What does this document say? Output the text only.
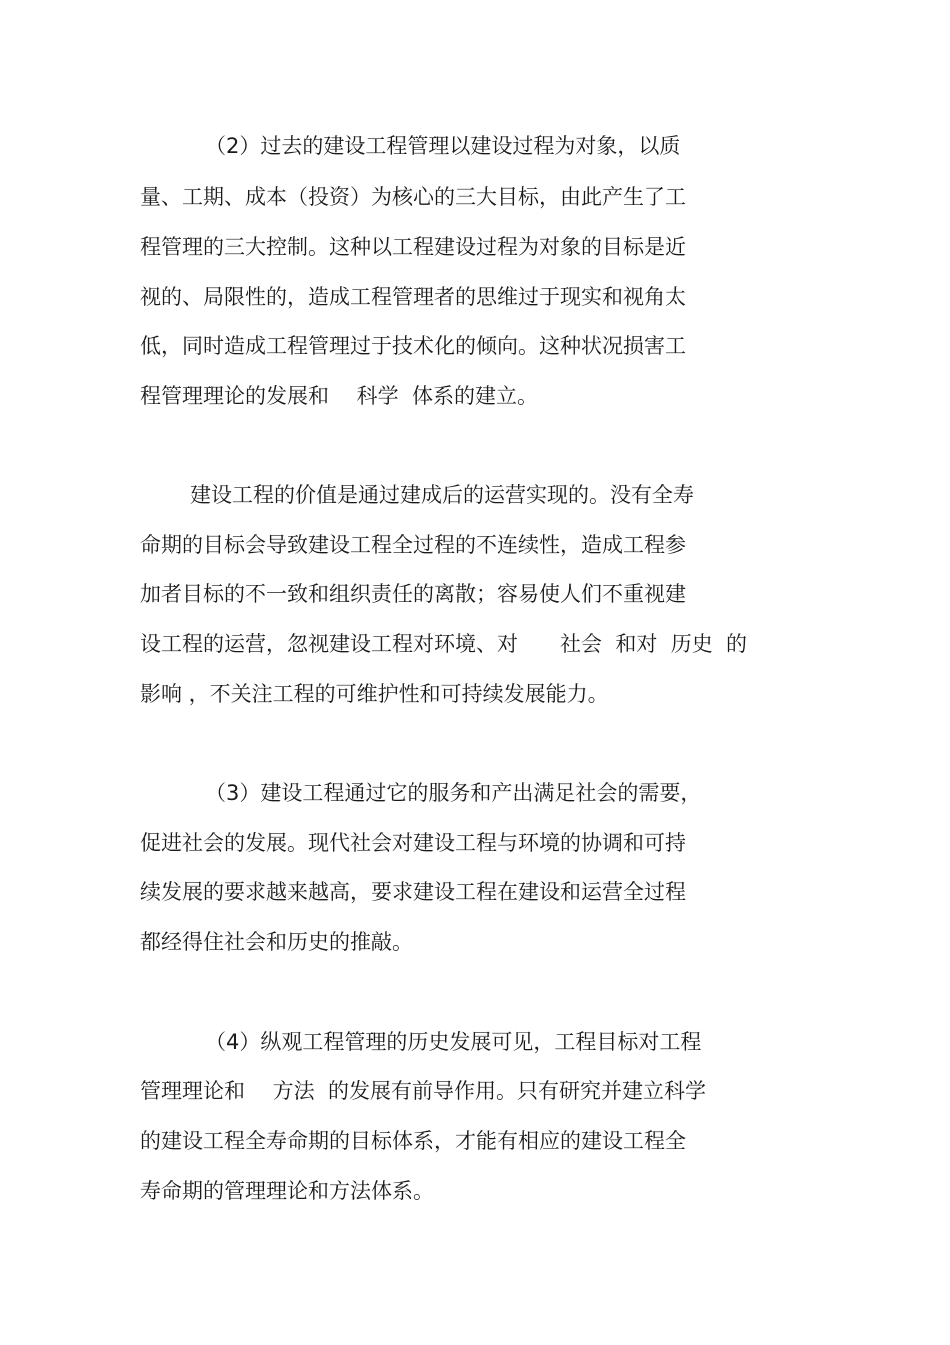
（2）过去的建设工程管理以建设过程为对象，以质
量、工期、成本（投资）为核心的三大目标，由此产生了工
程管理的三大控制。这种以工程建设过程为对象的目标是近
视的、局限性的，造成工程管理者的思维过于现实和视角太
低，同时造成工程管理过于技术化的倾向。这种状况损害工
程管理理论的发展和　 科学  体系的建立。
建设工程的价值是通过建成后的运营实现的。没有全寿
命期的目标会导致建设工程全过程的不连续性，造成工程参
加者目标的不一致和组织责任的离散；容易使人们不重视建
设工程的运营，忽视建设工程对环境、对　　社会  和对  历史  的
影响 ，不关注工程的可维护性和可持续发展能力。
（3）建设工程通过它的服务和产出满足社会的需要，
促进社会的发展。现代社会对建设工程与环境的协调和可持
续发展的要求越来越高，要求建设工程在建设和运营全过程
都经得住社会和历史的推敲。
（4）纵观工程管理的历史发展可见，工程目标对工程
管理理论和　 方法  的发展有前导作用。只有研究并建立科学
的建设工程全寿命期的目标体系，才能有相应的建设工程全
寿命期的管理理论和方法体系。
